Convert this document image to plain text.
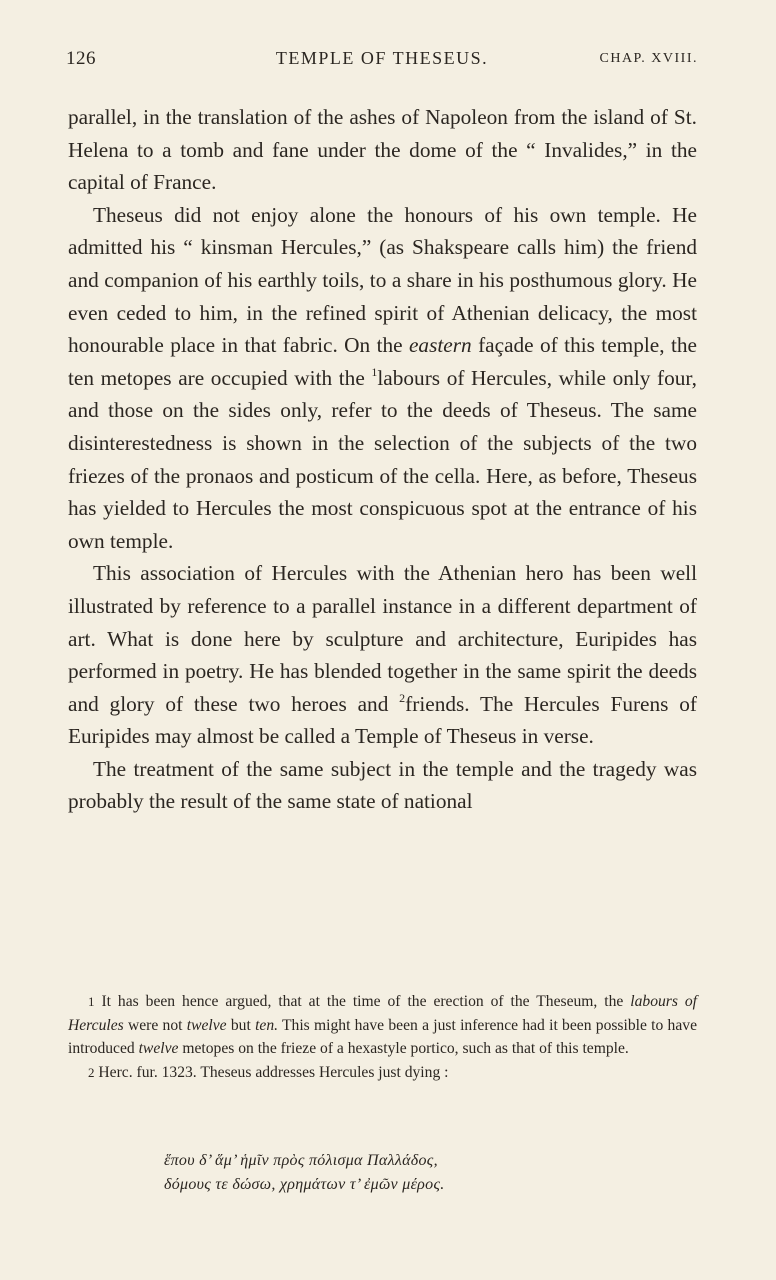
126	TEMPLE OF THESEUS.	CHAP. XVIII.

parallel, in the translation of the ashes of Napoleon from the island of St. Helena to a tomb and fane under the dome of the “ Invalides,” in the capital of France.

Theseus did not enjoy alone the honours of his own temple. He admitted his “ kinsman Hercules,” (as Shakspeare calls him) the friend and companion of his earthly toils, to a share in his posthumous glory. He even ceded to him, in the refined spirit of Athenian delicacy, the most honourable place in that fabric. On the eastern façade of this temple, the ten metopes are occupied with the $^1$labours of Hercules, while only four, and those on the sides only, refer to the deeds of Theseus. The same disinterestedness is shown in the selection of the subjects of the two friezes of the pronaos and posticum of the cella. Here, as before, Theseus has yielded to Hercules the most conspicuous spot at the entrance of his own temple.

This association of Hercules with the Athenian hero has been well illustrated by reference to a parallel instance in a different department of art. What is done here by sculpture and architecture, Euripides has performed in poetry. He has blended together in the same spirit the deeds and glory of these two heroes and $^2$friends. The Hercules Furens of Euripides may almost be called a Temple of Theseus in verse.

The treatment of the same subject in the temple and the tragedy was probably the result of the same state of national

1 It has been hence argued, that at the time of the erection of the Theseum, the labours of Hercules were not twelve but ten. This might have been a just inference had it been possible to have introduced twelve metopes on the frieze of a hexastyle portico, such as that of this temple.

2 Herc. fur. 1323. Theseus addresses Hercules just dying :

ἕπου δ’ ἅμ’ ἡμῖν πρὸς πόλισμα Παλλάδος,
δόμους τε δώσω, χρημάτων τ’ ἐμῶν μέρος.
